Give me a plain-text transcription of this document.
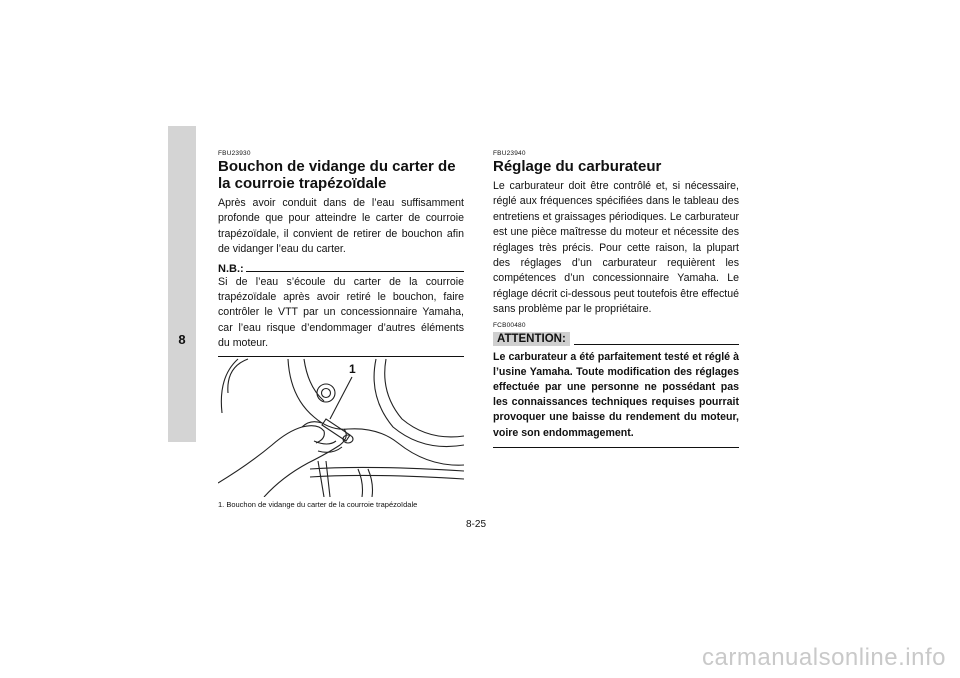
8

FBU23930

Bouchon de vidange du carter de la courroie trapézoïdale

Après avoir conduit dans de l’eau suffisamment profonde que pour atteindre le carter de courroie trapézoïdale, il convient de retirer de bouchon afin de vidanger l’eau du carter.

N.B.:

Si de l’eau s’écoule du carter de la courroie trapézoïdale après avoir retiré le bouchon, faire contrôler le VTT par un concessionnaire Yamaha, car l’eau risque d’endommager d’autres éléments du moteur.

1
1. Bouchon de vidange du carter de la courroie trapézoïdale

FBU23940

Réglage du carburateur

Le carburateur doit être contrôlé et, si nécessaire, réglé aux fréquences spécifiées dans le tableau des entretiens et graissages périodiques. Le carburateur est une pièce maîtresse du moteur et nécessite des réglages très précis. Pour cette raison, la plupart des réglages d’un carburateur requièrent les compétences d’un concessionnaire Yamaha. Le réglage décrit ci-dessous peut toutefois être effectué sans problème par le propriétaire.

FCB00480

ATTENTION:

Le carburateur a été parfaitement testé et réglé à l’usine Yamaha. Toute modification des réglages effectuée par une personne ne possédant pas les connaissances techniques requises pourrait provoquer une baisse du rendement du moteur, voire son endommagement.

8-25
carmanualsonline.info
